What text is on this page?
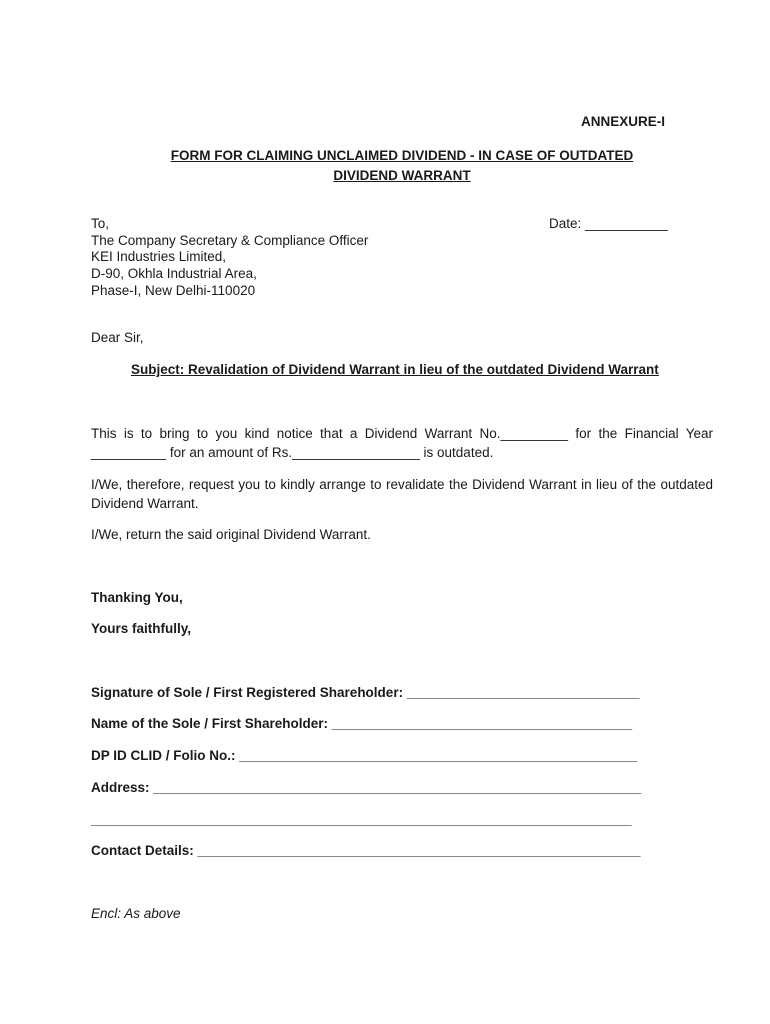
ANNEXURE-I
FORM FOR CLAIMING UNCLAIMED DIVIDEND - IN CASE OF OUTDATED
DIVIDEND WARRANT
To,
The Company Secretary & Compliance Officer
KEI Industries Limited,
D-90, Okhla Industrial Area,
Phase-I, New Delhi-110020
Date: ___________
Dear Sir,
Subject: Revalidation of Dividend Warrant in lieu of the outdated Dividend Warrant
This is to bring to you kind notice that a Dividend Warrant No._________ for the Financial Year __________ for an amount of Rs._________________ is outdated.
I/We, therefore, request you to kindly arrange to revalidate the Dividend Warrant in lieu of the outdated Dividend Warrant.
I/We, return the said original Dividend Warrant.
Thanking You,
Yours faithfully,
Signature of Sole / First Registered Shareholder: _______________________________
Name of the Sole / First Shareholder: ________________________________________
DP ID CLID / Folio No.: _____________________________________________________
Address: _________________________________________________________________
________________________________________________________________________
Contact Details: ___________________________________________________________
Encl: As above
